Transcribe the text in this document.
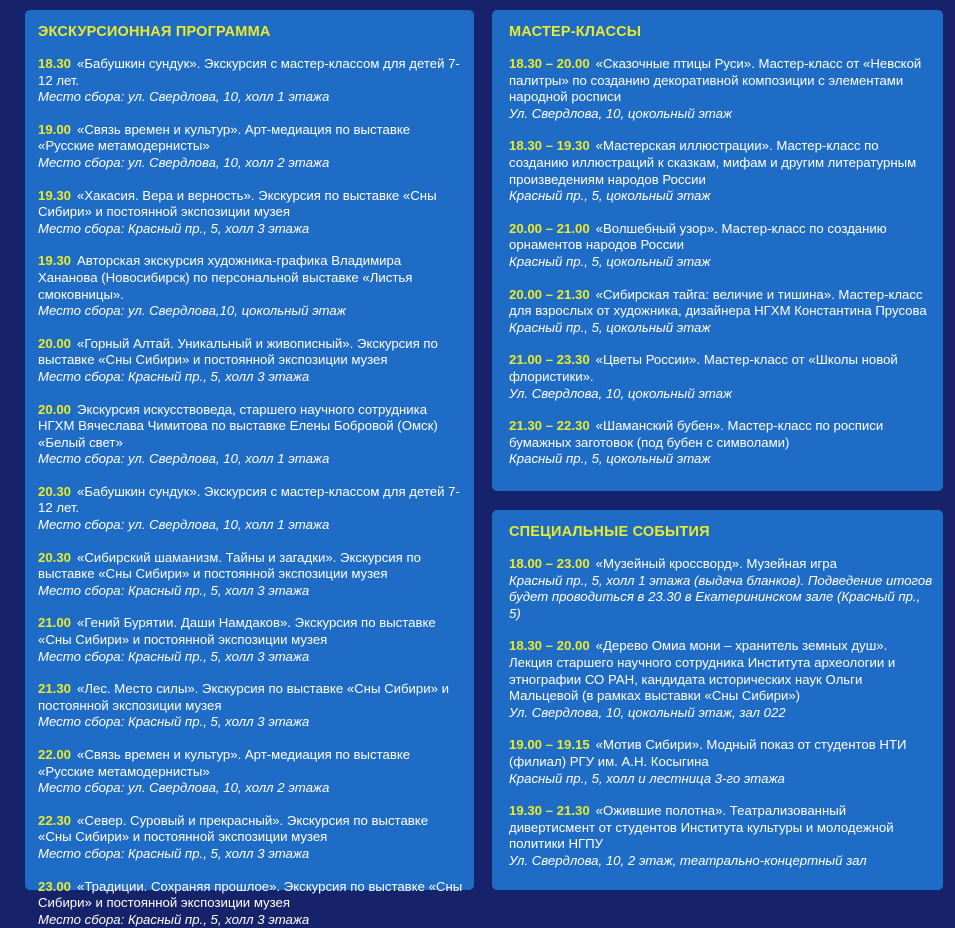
ЭКСКУРСИОННАЯ ПРОГРАММА
18.30 «Бабушкин сундук». Экскурсия с мастер-классом для детей 7-12 лет.
Место сбора: ул. Свердлова, 10, холл 1 этажа
19.00 «Связь времен и культур». Арт-медиация по выставке «Русские метамодернисты»
Место сбора: ул. Свердлова, 10, холл 2 этажа
19.30 «Хакасия. Вера и верность». Экскурсия по выставке «Сны Сибири» и постоянной экспозиции музея
Место сбора: Красный пр., 5, холл 3 этажа
19.30 Авторская экскурсия художника-графика Владимира Хананова (Новосибирск) по персональной выставке «Листья смоковницы».
Место сбора: ул. Свердлова,10, цокольный этаж
20.00 «Горный Алтай. Уникальный и живописный». Экскурсия по выставке «Сны Сибири» и постоянной экспозиции музея
Место сбора: Красный пр., 5, холл 3 этажа
20.00 Экскурсия искусствоведа, старшего научного сотрудника НГХМ Вячеслава Чимитова по выставке Елены Бобровой (Омск) «Белый свет»
Место сбора: ул. Свердлова, 10, холл 1 этажа
20.30 «Бабушкин сундук». Экскурсия с мастер-классом для детей 7-12 лет.
Место сбора: ул. Свердлова, 10, холл 1 этажа
20.30 «Сибирский шаманизм. Тайны и загадки». Экскурсия по выставке «Сны Сибири» и постоянной экспозиции музея
Место сбора: Красный пр., 5, холл 3 этажа
21.00 «Гений Бурятии. Даши Намдаков». Экскурсия по выставке «Сны Сибири» и постоянной экспозиции музея
Место сбора: Красный пр., 5, холл 3 этажа
21.30 «Лес. Место силы». Экскурсия по выставке «Сны Сибири» и постоянной экспозиции музея
Место сбора: Красный пр., 5, холл 3 этажа
22.00 «Связь времен и культур». Арт-медиация по выставке «Русские метамодернисты»
Место сбора: ул. Свердлова, 10, холл 2 этажа
22.30 «Север. Суровый и прекрасный». Экскурсия по выставке «Сны Сибири» и постоянной экспозиции музея
Место сбора: Красный пр., 5, холл 3 этажа
23.00 «Традиции. Сохраняя прошлое». Экскурсия по выставке «Сны Сибири» и постоянной экспозиции музея
Место сбора: Красный пр., 5, холл 3 этажа
МАСТЕР-КЛАССЫ
18.30 – 20.00 «Сказочные птицы Руси». Мастер-класс от «Невской палитры» по созданию декоративной композиции с элементами народной росписи
Ул. Свердлова, 10, цокольный этаж
18.30 – 19.30 «Мастерская иллюстрации». Мастер-класс по созданию иллюстраций к сказкам, мифам и другим литературным произведениям народов России
Красный пр., 5, цокольный этаж
20.00 – 21.00 «Волшебный узор». Мастер-класс по созданию орнаментов народов России
Красный пр., 5, цокольный этаж
20.00 – 21.30 «Сибирская тайга: величие и тишина». Мастер-класс для взрослых от художника, дизайнера НГХМ Константина Прусова
Красный пр., 5, цокольный этаж
21.00 – 23.30 «Цветы России». Мастер-класс от «Школы новой флористики».
Ул. Свердлова, 10, цокольный этаж
21.30 – 22.30 «Шаманский бубен». Мастер-класс по росписи бумажных заготовок (под бубен с символами)
Красный пр., 5, цокольный этаж
СПЕЦИАЛЬНЫЕ СОБЫТИЯ
18.00 – 23.00 «Музейный кроссворд». Музейная игра
Красный пр., 5, холл 1 этажа (выдача бланков). Подведение итогов будет проводиться в 23.30 в Екатерининском зале (Красный пр., 5)
18.30 – 20.00 «Дерево Омиа мони – хранитель земных душ». Лекция старшего научного сотрудника Института археологии и этнографии СО РАН, кандидата исторических наук Ольги Мальцевой (в рамках выставки «Сны Сибири»)
Ул. Свердлова, 10, цокольный этаж, зал 022
19.00 – 19.15 «Мотив Сибири». Модный показ от студентов НТИ (филиал) РГУ им. А.Н. Косыгина
Красный пр., 5, холл и лестница 3-го этажа
19.30 – 21.30 «Ожившие полотна». Театрализованный дивертисмент от студентов Института культуры и молодежной политики НГПУ
Ул. Свердлова, 10, 2 этаж, театрально-концертный зал
